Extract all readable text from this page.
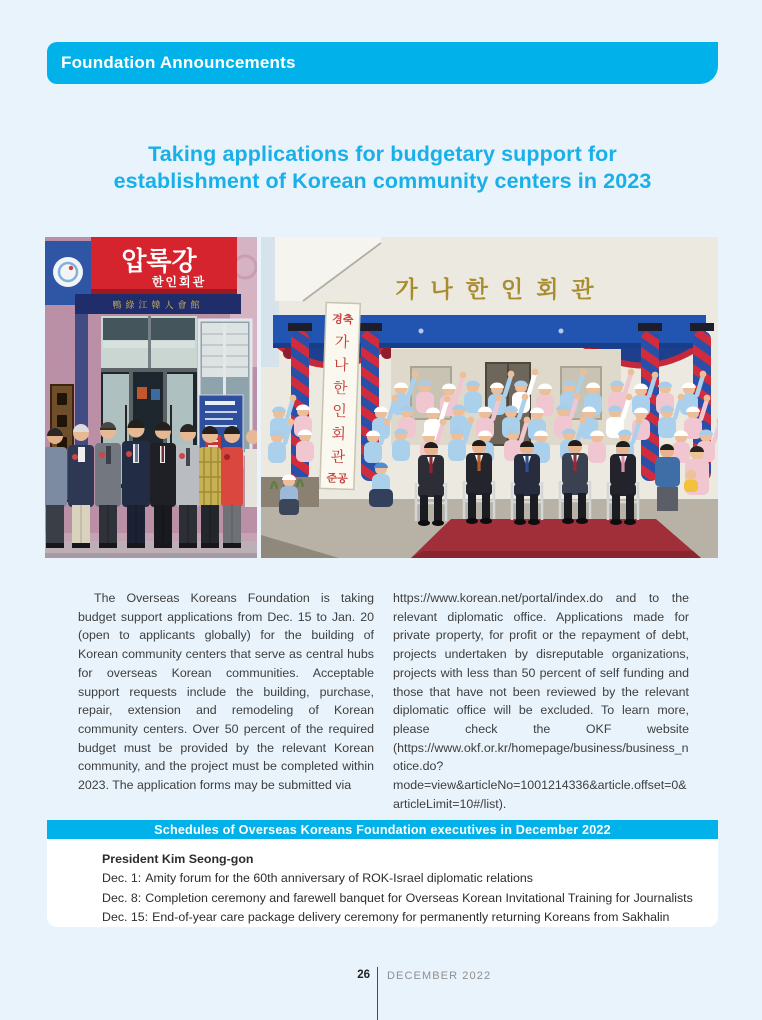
Foundation Announcements
Taking applications for budgetary support for
establishment of Korean community centers in 2023
압록강
한인회관
鴨綠江韓人會館
가나한인회관
경축
가
나
한
인
회
관
준공
The Overseas Koreans Foundation is taking budget support applications from Dec. 15 to Jan. 20 (open to applicants globally) for the building of Korean community centers that serve as central hubs for overseas Korean communities. Acceptable support requests include the building, purchase, repair, extension and remodeling of Korean community centers. Over 50 percent of the required budget must be provided by the relevant Korean community, and the project must be completed within 2023. The application forms may be submitted via
https://www.korean.net/portal/index.do and to the relevant diplomatic office. Applications made for private property, for profit or the repayment of debt, projects undertaken by disreputable organizations, projects with less than 50 percent of self funding and those that have not been reviewed by the relevant diplomatic office will be excluded. To learn more, please check the OKF website (https://www.okf.or.kr/homepage/business/business_notice.do?mode=view&articleNo=1001214336&article.offset=0&articleLimit=10#/list).
Schedules of Overseas Koreans Foundation executives in December 2022
President Kim Seong-gon
Dec. 1: Amity forum for the 60th anniversary of ROK-Israel diplomatic relations
Dec. 8: Completion ceremony and farewell banquet for Overseas Korean Invitational Training for Journalists
Dec. 15: End-of-year care package delivery ceremony for permanently returning Koreans from Sakhalin
26 DECEMBER 2022
